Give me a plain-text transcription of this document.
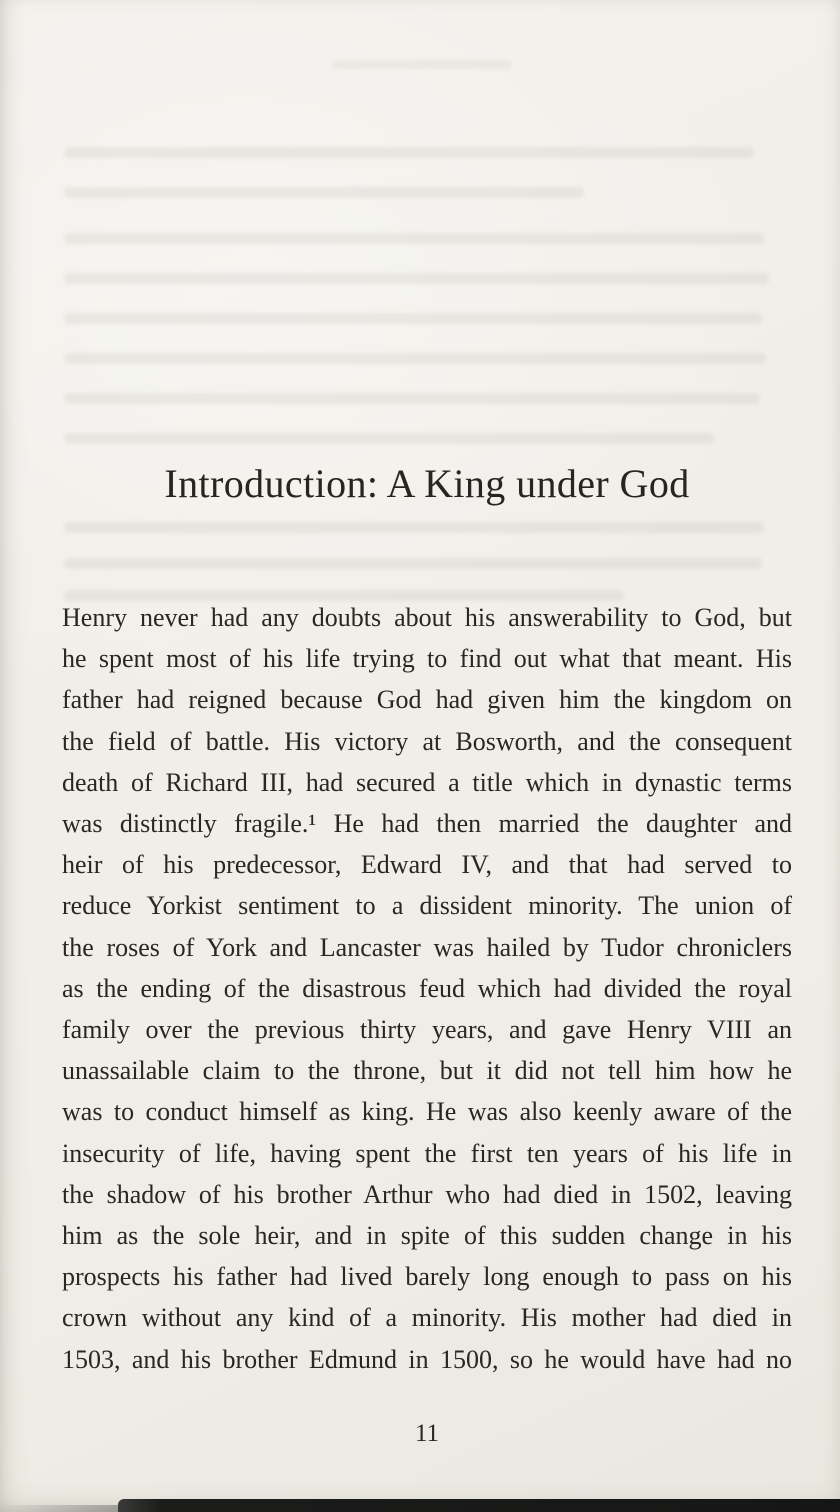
Introduction: A King under God
Henry never had any doubts about his answerability to God, but
he spent most of his life trying to find out what that meant. His
father had reigned because God had given him the kingdom on
the field of battle. His victory at Bosworth, and the consequent
death of Richard III, had secured a title which in dynastic terms
was distinctly fragile.¹ He had then married the daughter and
heir of his predecessor, Edward IV, and that had served to
reduce Yorkist sentiment to a dissident minority. The union of
the roses of York and Lancaster was hailed by Tudor chroniclers
as the ending of the disastrous feud which had divided the royal
family over the previous thirty years, and gave Henry VIII an
unassailable claim to the throne, but it did not tell him how he
was to conduct himself as king. He was also keenly aware of the
insecurity of life, having spent the first ten years of his life in
the shadow of his brother Arthur who had died in 1502, leaving
him as the sole heir, and in spite of this sudden change in his
prospects his father had lived barely long enough to pass on his
crown without any kind of a minority. His mother had died in
1503, and his brother Edmund in 1500, so he would have had no
11
